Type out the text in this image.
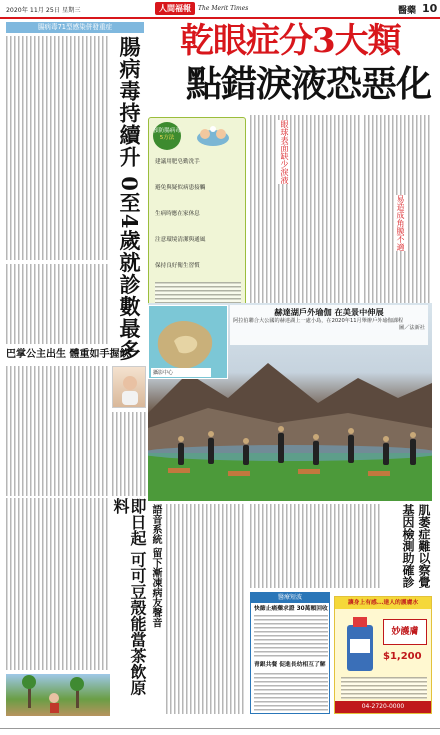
2020年 11月 25日 星期三	人間福報	The Merit Times	醫藥 10
乾眼症分3大類
點錯淚液恐惡化
腸病毒71型感染併發重症
腸病毒持續升 0至4歲就診數最多	預防腸病毒
5方法
建議用肥皂勤洗手
避免與疑似病患接觸
生病時應在家休息
注意環境清潔與通風
保持良好衛生習慣
眼球表面缺少淚液
易造成角膜不適
赫達湖戶外瑜伽 在美景中伸展
阿拉伯聯合大公國的赫達湖上一處小島，在2020年11月舉辦戶外瑜伽課程
圖／法新社
攝影中心
巴掌公主出生 體重如手握飲
即日起 可可豆殼能當茶飲原料	語音系統 留下漸凍病友聲音	醫療短波
快篩止痛藥求證 30萬顆回收
青銀共餐 促進長幼相互了解
肌萎症難以察覺 基因檢測助確診
讓身上有感...達人的護膚水
妙護膚
$1,200
04-2720-0000
